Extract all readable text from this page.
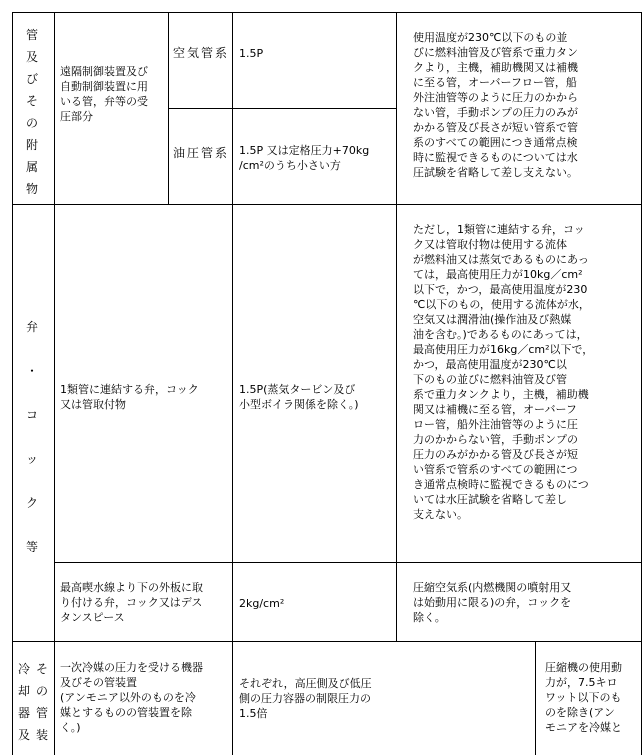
管
及
び
そ
の
附
属
物
遠隔制御装置及び
自動制御装置に用
いる管，弁等の受
圧部分
空気管系 1.5P
油圧管系 1.5P 又は定格圧力+70kg
/cm²のうち小さい方
使用温度が230℃以下のもの並
びに燃料油管及び管系で重力タン
クより，主機，補助機関又は補機
に至る管，オーバーフロー管，船
外注油管等のように圧力のかから
ない管，手動ポンプの圧力のみが
かかる管及び長さが短い管系で管
系のすべての範囲につき通常点検
時に監視できるものについては水
圧試験を省略して差し支えない。
弁
・
コ
ッ
ク
等
1類管に連結する弁，コック
又は管取付物
1.5P(蒸気タービン及び
小型ボイラ関係を除く。)
ただし，1類管に連結する弁，コッ
ク又は管取付物は使用する流体
が燃料油又は蒸気であるものにあっ
ては，最高使用圧力が10kg／cm²
以下で，かつ，最高使用温度が230
℃以下のもの，使用する流体が水，
空気又は潤滑油(操作油及び熱媒
油を含む。)であるものにあっては，
最高使用圧力が16kg／cm²以下で，
かつ，最高使用温度が230℃以
下のもの並びに燃料油管及び管
系で重力タンクより，主機，補助機
関又は補機に至る管，オーバーフ
ロー管，船外注油管等のように圧
力のかからない管，手動ポンプの
圧力のみがかかる管及び長さが短
い管系で管系のすべての範囲につ
き通常点検時に監視できるものにつ
いては水圧試験を省略して差し
支えない。
最高喫水線より下の外板に取
り付ける弁，コック又はデス
タンスピース
2kg/cm²
圧縮空気系(内燃機関の噴射用又
は始動用に限る)の弁，コックを
除く。
冷
却
器
及
そ
の
管
装
一次冷媒の圧力を受ける機器
及びその管装置
(アンモニア以外のものを冷
媒とするものの管装置を除
く。)
それぞれ，高圧側及び低圧
側の圧力容器の制限圧力の
1.5倍
圧縮機の使用動
力が，7.5キロ
ワット以下のも
のを除き(アン
モニアを冷媒と
